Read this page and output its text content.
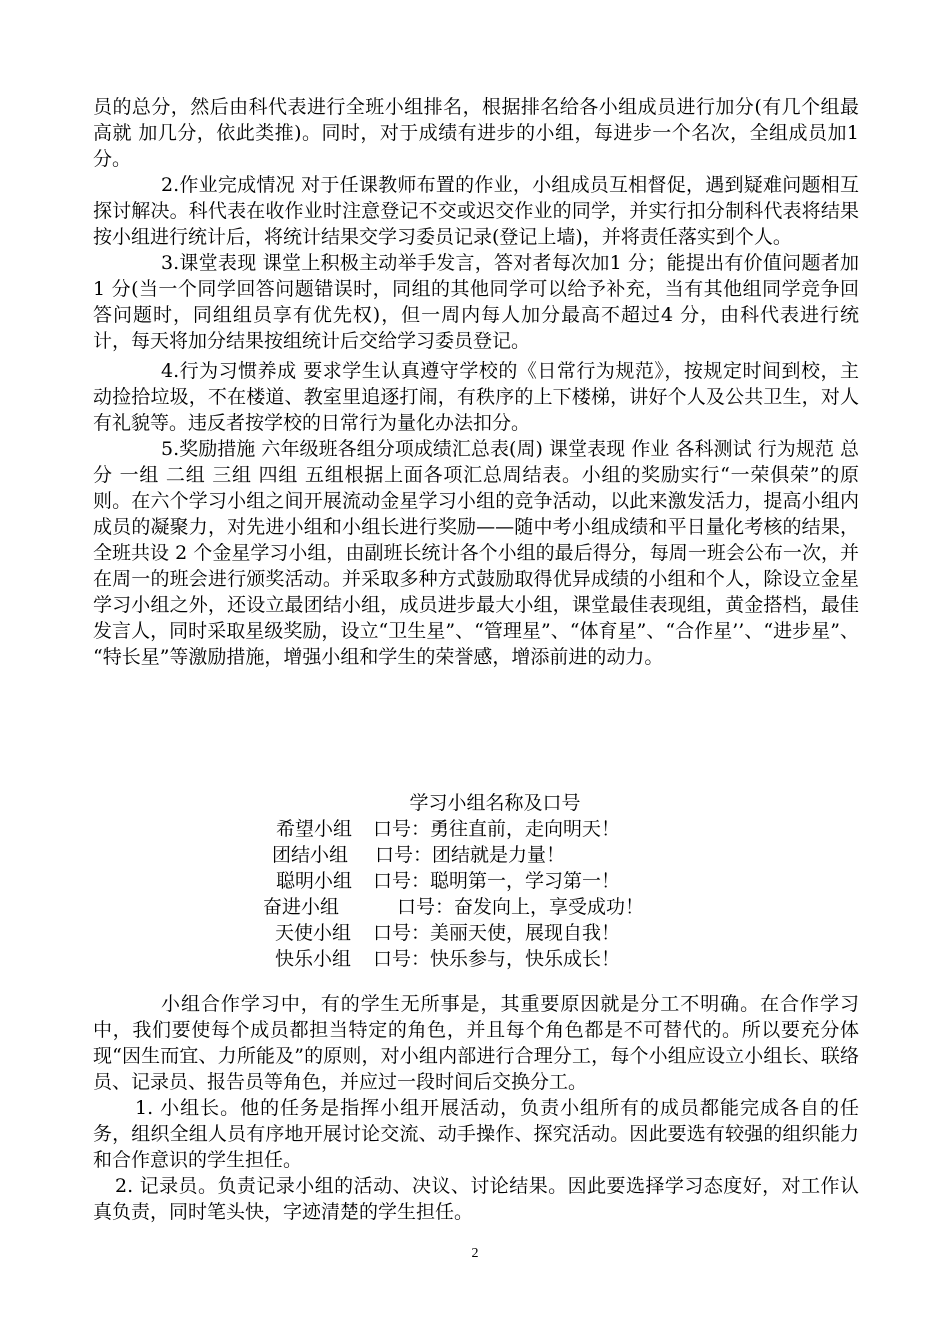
员的总分，然后由科代表进行全班小组排名，根据排名给各小组成员进行加分(有几个组最高就 加几分，依此类推)。同时，对于成绩有进步的小组，每进步一个名次，全组成员加1 分。

2.作业完成情况 对于任课教师布置的作业，小组成员互相督促，遇到疑难问题相互探讨解决。科代表在收作业时注意登记不交或迟交作业的同学，并实行扣分制科代表将结果按小组进行统计后，将统计结果交学习委员记录(登记上墙)，并将责任落实到个人。

3.课堂表现 课堂上积极主动举手发言，答对者每次加1 分；能提出有价值问题者加1 分(当一个同学回答问题错误时，同组的其他同学可以给予补充，当有其他组同学竞争回答问题时，同组组员享有优先权)，但一周内每人加分最高不超过4 分，由科代表进行统计，每天将加分结果按组统计后交给学习委员登记。

4.行为习惯养成 要求学生认真遵守学校的《日常行为规范》，按规定时间到校，主动捡拾垃圾，不在楼道、教室里追逐打闹，有秩序的上下楼梯，讲好个人及公共卫生，对人有礼貌等。违反者按学校的日常行为量化办法扣分。

5.奖励措施 六年级班各组分项成绩汇总表(周) 课堂表现 作业 各科测试 行为规范 总分 一组 二组 三组 四组 五组根据上面各项汇总周结表。小组的奖励实行“一荣俱荣”的原则。在六个学习小组之间开展流动金星学习小组的竞争活动，以此来激发活力，提高小组内成员的凝聚力，对先进小组和小组长进行奖励——随中考小组成绩和平日量化考核的结果，全班共设 2 个金星学习小组，由副班长统计各个小组的最后得分，每周一班会公布一次，并在周一的班会进行颁奖活动。并采取多种方式鼓励取得优异成绩的小组和个人，除设立金星学习小组之外，还设立最团结小组，成员进步最大小组，课堂最佳表现组，黄金搭档，最佳发言人，同时采取星级奖励，设立“卫生星”、“管理星”、“体育星”、“合作星’’、“进步星”、 “特长星”等激励措施，增强小组和学生的荣誉感，增添前进的动力。

学习小组名称及口号
希望小组 口号：勇往直前，走向明天！
团结小组 口号：团结就是力量！
聪明小组 口号：聪明第一，学习第一！
奋进小组	口号：奋发向上，享受成功！
天使小组 口号：美丽天使，展现自我！
快乐小组 口号：快乐参与，快乐成长！

小组合作学习中，有的学生无所事是，其重要原因就是分工不明确。在合作学习中，我们要使每个成员都担当特定的角色，并且每个角色都是不可替代的。所以要充分体现“因生而宜、力所能及”的原则，对小组内部进行合理分工，每个小组应设立小组长、联络员、记录员、报告员等角色，并应过一段时间后交换分工。

1. 小组长。他的任务是指挥小组开展活动，负责小组所有的成员都能完成各自的任务，组织全组人员有序地开展讨论交流、动手操作、探究活动。因此要选有较强的组织能力和合作意识的学生担任。

2. 记录员。负责记录小组的活动、决议、讨论结果。因此要选择学习态度好，对工作认真负责，同时笔头快，字迹清楚的学生担任。

2
